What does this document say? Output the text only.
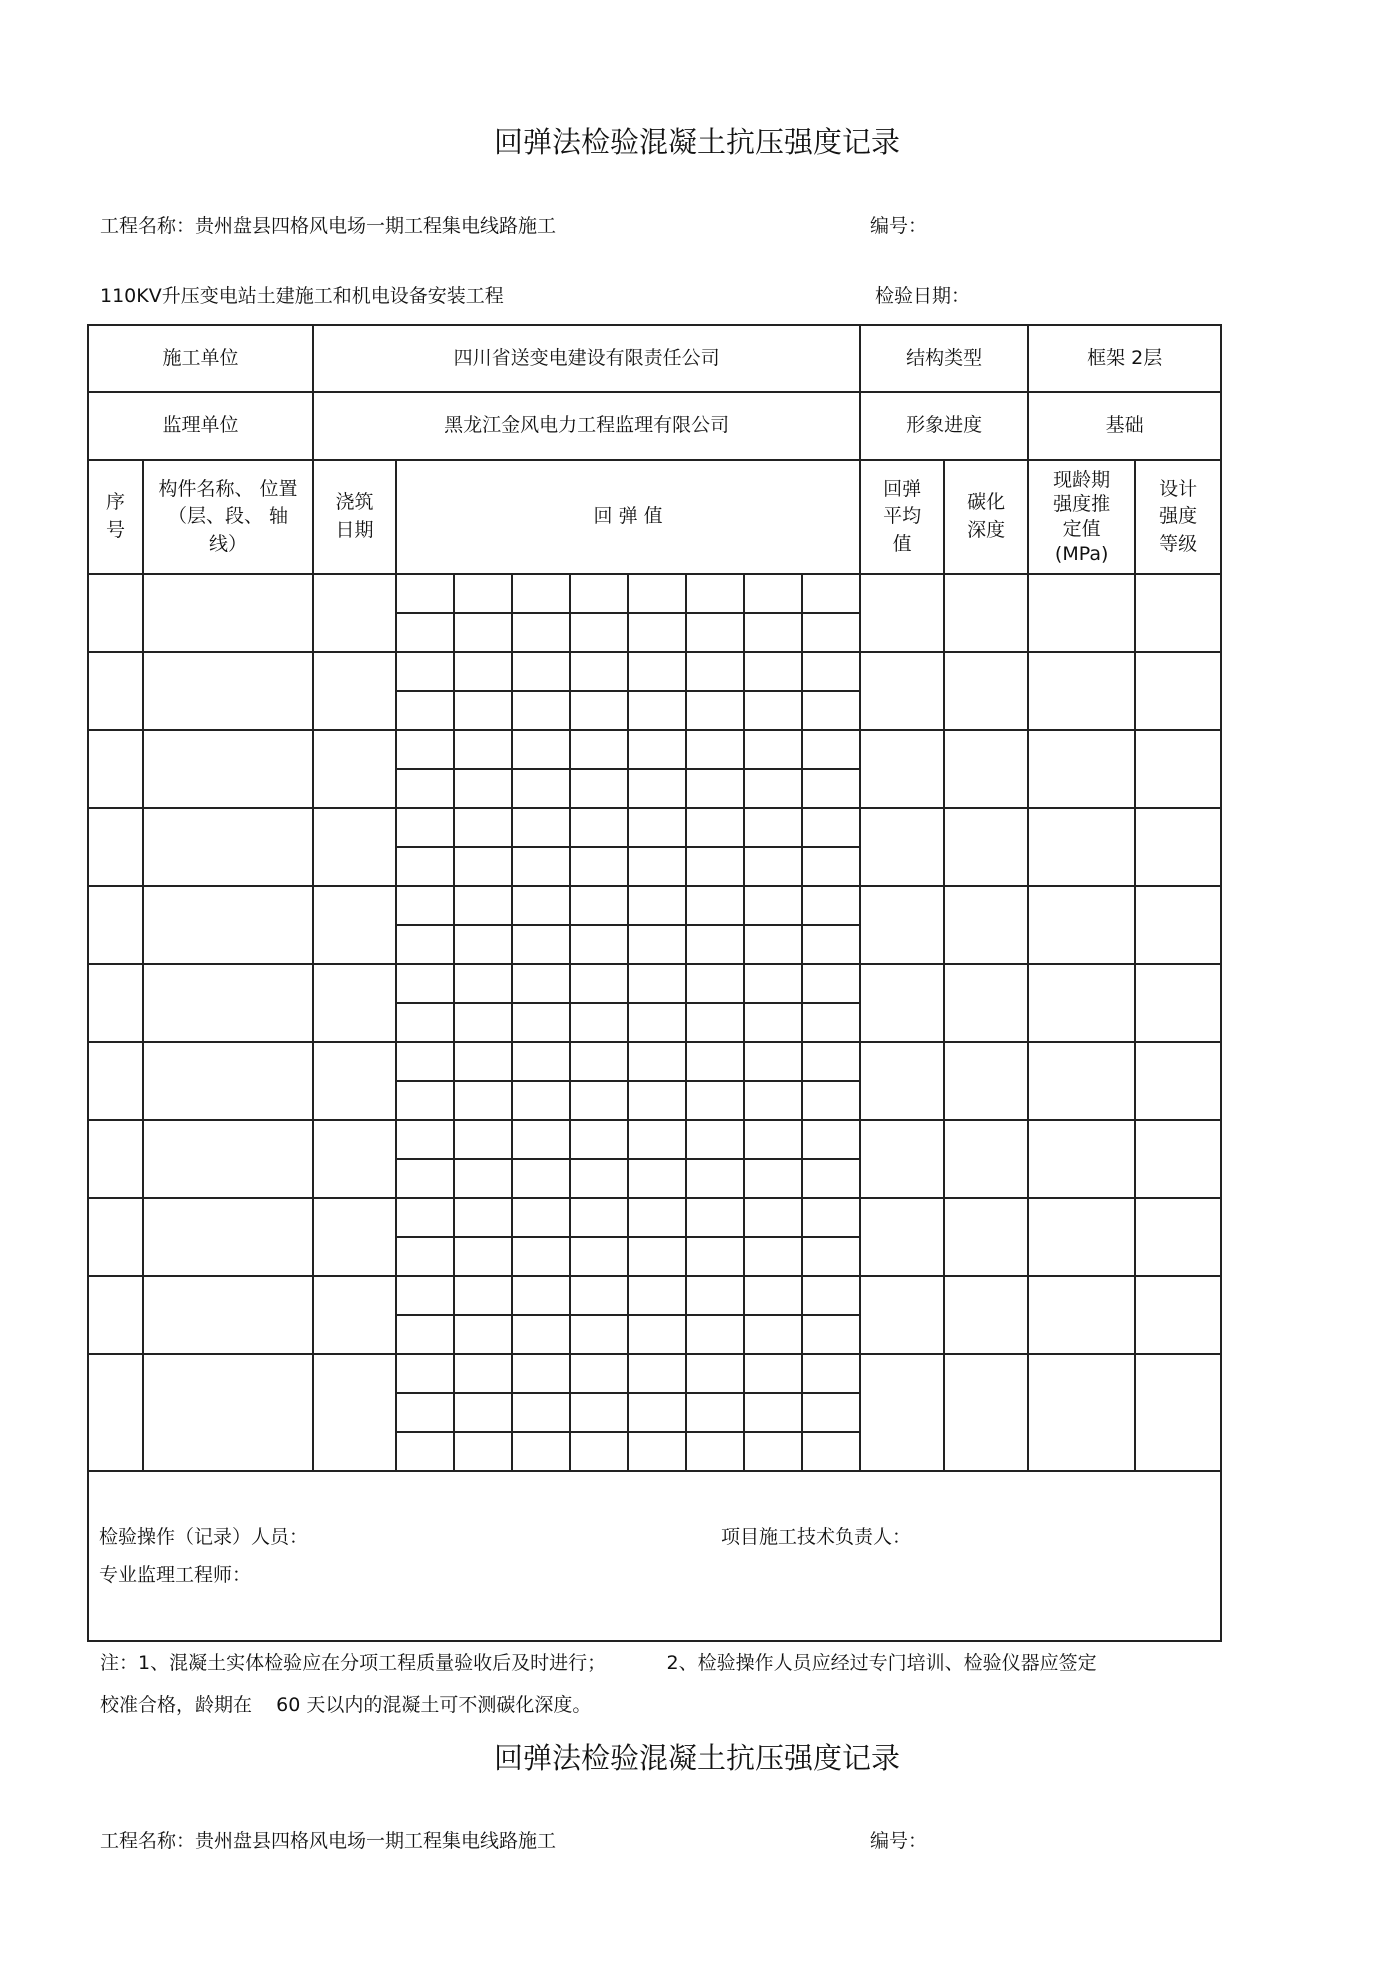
回弹法检验混凝土抗压强度记录
工程名称：贵州盘县四格风电场一期工程集电线路施工	编号：
110KV升压变电站土建施工和机电设备安装工程	检验日期：
施工单位		四川省送变电建设有限责任公司									结构类型		框架 2层	
监理单位		黑龙江金风电力工程监理有限公司									形象进度		基础	

序号	构件名称、 位置（层、段、 轴线）	浇筑日期	回 弹 值								回弹平均值	碳化深度	现龄期强度推定值(MPa)	设计强度等级

检验操作（记录）人员： 项目施工技术负责人：
专业监理工程师：														
注：1、混凝土实体检验应在分项工程质量验收后及时进行；          2、检验操作人员应经过专门培训、检验仪器应签定
校准合格，龄期在    60 天以内的混凝土可不测碳化深度。
回弹法检验混凝土抗压强度记录
工程名称：贵州盘县四格风电场一期工程集电线路施工	编号：
